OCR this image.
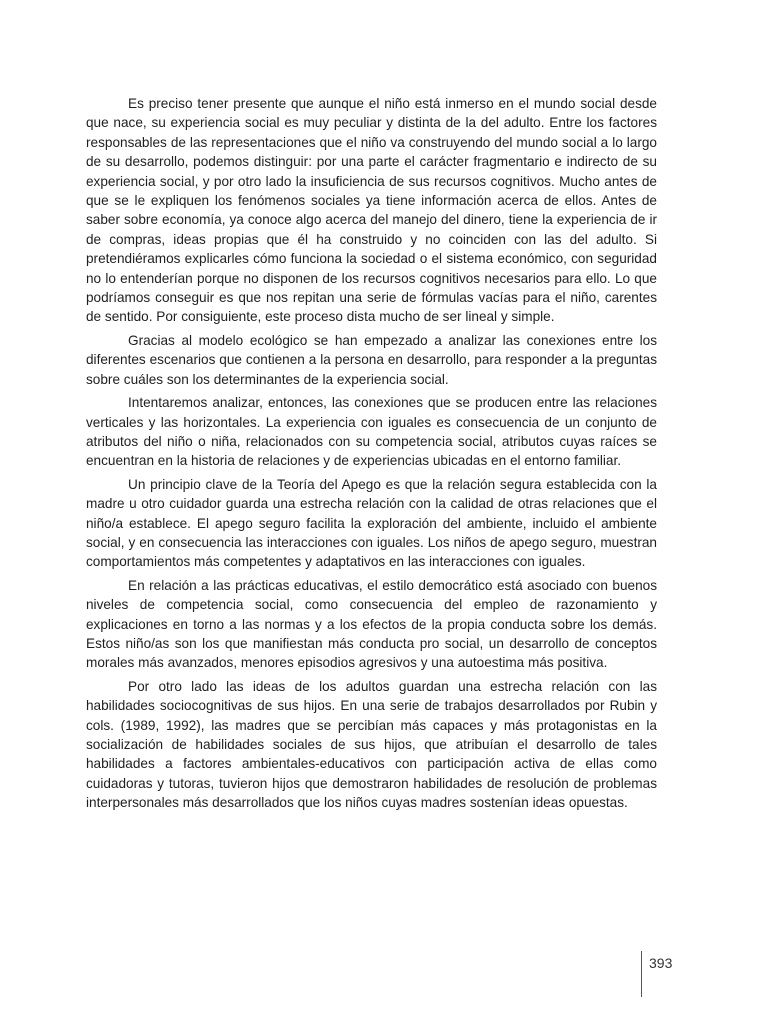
Es preciso tener presente que aunque el niño está inmerso en el mundo social desde que nace, su experiencia social es muy peculiar y distinta de la del adulto. Entre los factores responsables de las representaciones que el niño va construyendo del mundo social a lo largo de su desarrollo, podemos distinguir: por una parte el carácter fragmentario e indirecto de su experiencia social, y por otro lado la insuficiencia de sus recursos cognitivos. Mucho antes de que se le expliquen los fenómenos sociales ya tiene información acerca de ellos. Antes de saber sobre economía, ya conoce algo acerca del manejo del dinero, tiene la experiencia de ir de compras, ideas propias que él ha construido y no coinciden con las del adulto. Si pretendiéramos explicarles cómo funciona la sociedad o el sistema económico, con seguridad no lo entenderían porque no disponen de los recursos cognitivos necesarios para ello. Lo que podríamos conseguir es que nos repitan una serie de fórmulas vacías para el niño, carentes de sentido. Por consiguiente, este proceso dista mucho de ser lineal y simple.

Gracias al modelo ecológico se han empezado a analizar las conexiones entre los diferentes escenarios que contienen a la persona en desarrollo, para responder a la preguntas sobre cuáles son los determinantes de la experiencia social.

Intentaremos analizar, entonces, las conexiones que se producen entre las relaciones verticales y las horizontales. La experiencia con iguales es consecuencia de un conjunto de atributos del niño o niña, relacionados con su competencia social, atributos cuyas raíces se encuentran en la historia de relaciones y de experiencias ubicadas en el entorno familiar.

Un principio clave de la Teoría del Apego es que la relación segura establecida con la madre u otro cuidador guarda una estrecha relación con la calidad de otras relaciones que el niño/a establece. El apego seguro facilita la exploración del ambiente, incluido el ambiente social, y en consecuencia las interacciones con iguales. Los niños de apego seguro, muestran comportamientos más competentes y adaptativos en las interacciones con iguales.

En relación a las prácticas educativas, el estilo democrático está asociado con buenos niveles de competencia social, como consecuencia del empleo de razonamiento y explicaciones en torno a las normas y a los efectos de la propia conducta sobre los demás. Estos niño/as son los que manifiestan más conducta pro social, un desarrollo de conceptos morales más avanzados, menores episodios agresivos y una autoestima más positiva.

Por otro lado las ideas de los adultos guardan una estrecha relación con las habilidades sociocognitivas de sus hijos. En una serie de trabajos desarrollados por Rubin y cols. (1989, 1992), las madres que se percibían más capaces y más protagonistas en la socialización de habilidades sociales de sus hijos, que atribuían el desarrollo de tales habilidades a factores ambientales-educativos con participación activa de ellas como cuidadoras y tutoras, tuvieron hijos que demostraron habilidades de resolución de problemas interpersonales más desarrollados que los niños cuyas madres sostenían ideas opuestas.

393
